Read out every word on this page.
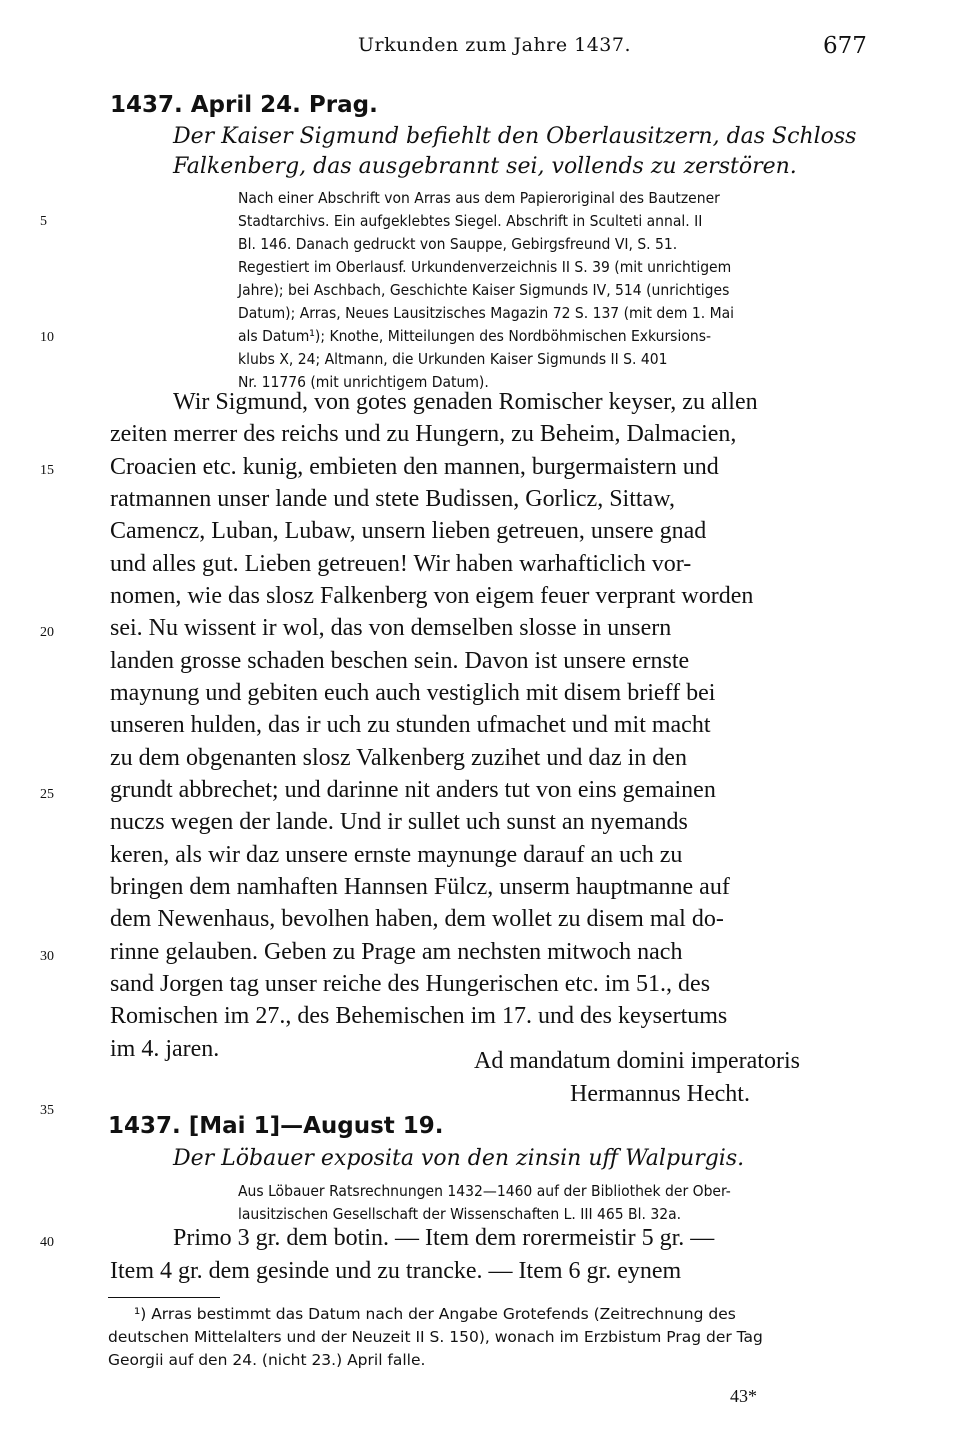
Urkunden zum Jahre 1437.	677
1437. April 24. Prag.
Der Kaiser Sigmund befiehlt den Oberlausitzern, das Schloss
Falkenberg, das ausgebrannt sei, vollends zu zerstören.
Nach einer Abschrift von Arras aus dem Papieroriginal des Bautzener
Stadtarchivs. Ein aufgeklebtes Siegel. Abschrift in Sculteti annal. II
Bl. 146. Danach gedruckt von Sauppe, Gebirgsfreund VI, S. 51.
Regestiert im Oberlausf. Urkundenverzeichnis II S. 39 (mit unrichtigem
Jahre); bei Aschbach, Geschichte Kaiser Sigmunds IV, 514 (unrichtiges
Datum); Arras, Neues Lausitzisches Magazin 72 S. 137 (mit dem 1. Mai
als Datum¹); Knothe, Mitteilungen des Nordböhmischen Exkursions-
klubs X, 24; Altmann, die Urkunden Kaiser Sigmunds II S. 401
Nr. 11776 (mit unrichtigem Datum).
Wir Sigmund, von gotes genaden Romischer keyser, zu allen
zeiten merrer des reichs und zu Hungern, zu Beheim, Dalmacien,
Croacien etc. kunig, embieten den mannen, burgermaistern und
ratmannen unser lande und stete Budissen, Gorlicz, Sittaw,
Camencz, Luban, Lubaw, unsern lieben getreuen, unsere gnad
und alles gut. Lieben getreuen! Wir haben warhafticlich vor-
nomen, wie das slosz Falkenberg von eigem feuer verprant worden
sei. Nu wissent ir wol, das von demselben slosse in unsern
landen grosse schaden beschen sein. Davon ist unsere ernste
maynung und gebiten euch auch vestiglich mit disem brieff bei
unseren hulden, das ir uch zu stunden ufmachet und mit macht
zu dem obgenanten slosz Valkenberg zuzihet und daz in den
grundt abbrechet; und darinne nit anders tut von eins gemainen
nuczs wegen der lande. Und ir sullet uch sunst an nyemands
keren, als wir daz unsere ernste maynunge darauf an uch zu
bringen dem namhaften Hannsen Fülcz, unserm hauptmanne auf
dem Newenhaus, bevolhen haben, dem wollet zu disem mal do-
rinne gelauben. Geben zu Prage am nechsten mitwoch nach
sand Jorgen tag unser reiche des Hungerischen etc. im 51., des
Romischen im 27., des Behemischen im 17. und des keysertums
im 4. jaren.	Ad mandatum domini imperatoris
Hermannus Hecht.
1437. [Mai 1]—August 19.
Der Löbauer exposita von den zinsin uff Walpurgis.
Aus Löbauer Ratsrechnungen 1432—1460 auf der Bibliothek der Ober-
lausitzischen Gesellschaft der Wissenschaften L. III 465 Bl. 32a.
Primo 3 gr. dem botin. — Item dem rorermeistir 5 gr. —
Item 4 gr. dem gesinde und zu trancke. — Item 6 gr. eynem
5
10
15
20
25
30
35
40
¹) Arras bestimmt das Datum nach der Angabe Grotefends (Zeitrechnung des
deutschen Mittelalters und der Neuzeit II S. 150), wonach im Erzbistum Prag der Tag
Georgii auf den 24. (nicht 23.) April falle.
43*
